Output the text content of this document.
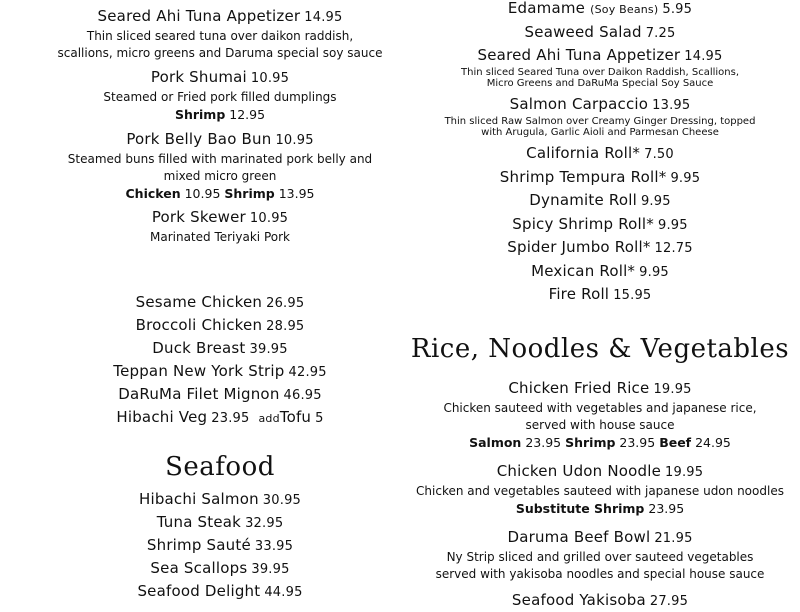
Seared Ahi Tuna Appetizer 14.95
Thin sliced seared tuna over daikon raddish,
scallions, micro greens and Daruma special soy sauce
Pork Shumai 10.95
Steamed or Fried pork filled dumplings
Shrimp 12.95
Pork Belly Bao Bun 10.95
Steamed buns filled with marinated pork belly and
mixed micro green
Chicken 10.95 Shrimp 13.95
Pork Skewer 10.95
Marinated Teriyaki Pork
Sesame Chicken 26.95
Broccoli Chicken 28.95
Duck Breast 39.95
Teppan New York Strip 42.95
DaRuMa Filet Mignon 46.95
Hibachi Veg 23.95 addTofu 5
Seafood
Hibachi Salmon 30.95
Tuna Steak 32.95
Shrimp Sauté 33.95
Sea Scallops 39.95
Seafood Delight 44.95
Edamame (Soy Beans) 5.95
Seaweed Salad 7.25
Seared Ahi Tuna Appetizer 14.95
Thin sliced Seared Tuna over Daikon Raddish, Scallions,
Micro Greens and DaRuMa Special Soy Sauce
Salmon Carpaccio 13.95
Thin sliced Raw Salmon over Creamy Ginger Dressing, topped
with Arugula, Garlic Aioli and Parmesan Cheese
California Roll* 7.50
Shrimp Tempura Roll* 9.95
Dynamite Roll 9.95
Spicy Shrimp Roll* 9.95
Spider Jumbo Roll* 12.75
Mexican Roll* 9.95
Fire Roll 15.95
Rice, Noodles & Vegetables
Chicken Fried Rice 19.95
Chicken sauteed with vegetables and japanese rice,
served with house sauce
Salmon 23.95 Shrimp 23.95 Beef 24.95
Chicken Udon Noodle 19.95
Chicken and vegetables sauteed with japanese udon noodles
Substitute Shrimp 23.95
Daruma Beef Bowl 21.95
Ny Strip sliced and grilled over sauteed vegetables
served with yakisoba noodles and special house sauce
Seafood Yakisoba 27.95
